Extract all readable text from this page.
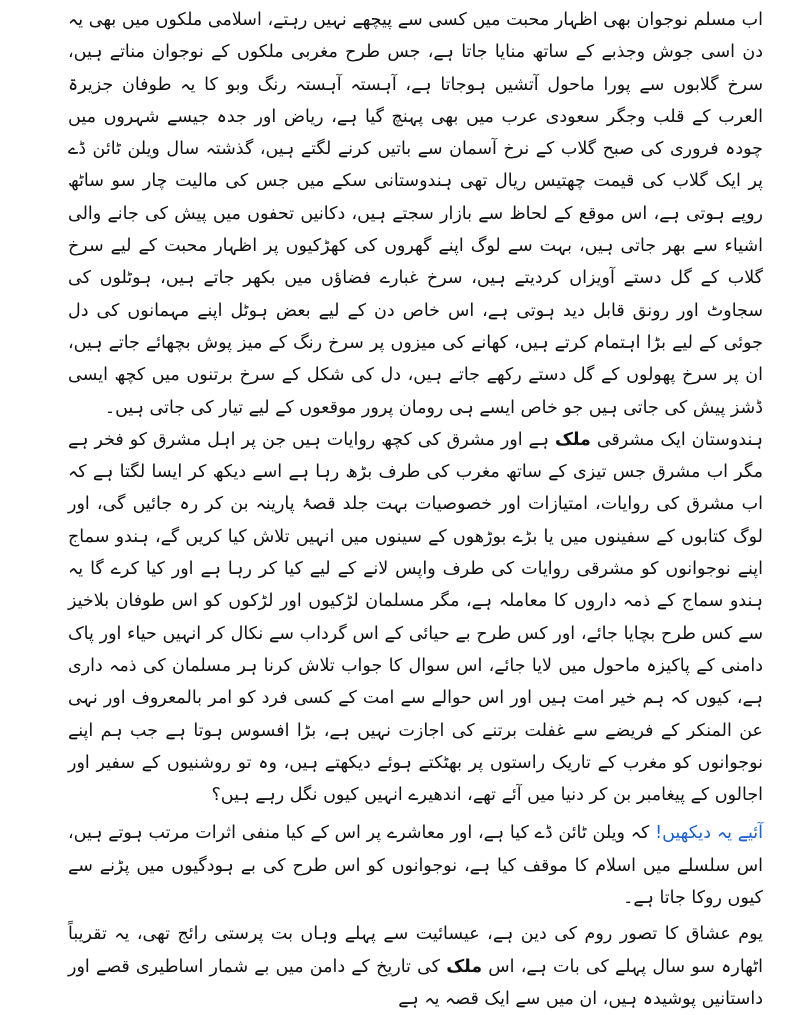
اب مسلم نوجوان بھی اظہار محبت میں کسی سے پیچھے نہیں رہتے، اسلامی ملکوں میں بھی یہ دن اسی جوش وجذبے کے ساتھ منایا جاتا ہے، جس طرح مغربی ملکوں کے نوجوان مناتے ہیں، سرخ گلابوں سے پورا ماحول آتشیں ہوجاتا ہے، آہستہ آہستہ رنگ وبو کا یہ طوفان جزیرۃ العرب کے قلب وجگر سعودی عرب میں بھی پہنچ گیا ہے، ریاض اور جدہ جیسے شہروں میں چودہ فروری کی صبح گلاب کے نرخ آسمان سے باتیں کرنے لگتے ہیں، گذشتہ سال ویلن ٹائن ڈے پر ایک گلاب کی قیمت چھتیس ریال تھی ہندوستانی سکے میں جس کی مالیت چار سو ساٹھ روپے ہوتی ہے، اس موقع کے لحاظ سے بازار سجتے ہیں، دکانیں تحفوں میں پیش کی جانے والی اشیاء سے بھر جاتی ہیں، بہت سے لوگ اپنے گھروں کی کھڑکیوں پر اظہار محبت کے لیے سرخ گلاب کے گل دستے آویزاں کردیتے ہیں، سرخ غبارے فضاؤں میں بکھر جاتے ہیں، ہوٹلوں کی سجاوٹ اور رونق قابل دید ہوتی ہے، اس خاص دن کے لیے بعض ہوٹل اپنے مہمانوں کی دل جوئی کے لیے بڑا اہتمام کرتے ہیں، کھانے کی میزوں پر سرخ رنگ کے میز پوش بچھائے جاتے ہیں، ان پر سرخ پھولوں کے گل دستے رکھے جاتے ہیں، دل کی شکل کے سرخ برتنوں میں کچھ ایسی ڈشز پیش کی جاتی ہیں جو خاص ایسے ہی رومان پرور موقعوں کے لیے تیار کی جاتی ہیں۔

ہندوستان ایک مشرقی ملک ہے اور مشرق کی کچھ روایات ہیں جن پر اہل مشرق کو فخر ہے مگر اب مشرق جس تیزی کے ساتھ مغرب کی طرف بڑھ رہا ہے اسے دیکھ کر ایسا لگتا ہے کہ اب مشرق کی روایات، امتیازات اور خصوصیات بہت جلد قصۂ پارینہ بن کر رہ جائیں گی، اور لوگ کتابوں کے سفینوں میں یا بڑے بوڑھوں کے سینوں میں انہیں تلاش کیا کریں گے، ہندو سماج اپنے نوجوانوں کو مشرقی روایات کی طرف واپس لانے کے لیے کیا کر رہا ہے اور کیا کرے گا یہ ہندو سماج کے ذمہ داروں کا معاملہ ہے، مگر مسلمان لڑکیوں اور لڑکوں کو اس طوفان بلاخیز سے کس طرح بچایا جائے، اور کس طرح بے حیائی کے اس گرداب سے نکال کر انہیں حیاء اور پاک دامنی کے پاکیزہ ماحول میں لایا جائے، اس سوال کا جواب تلاش کرنا ہر مسلمان کی ذمہ داری ہے، کیوں کہ ہم خیر امت ہیں اور اس حوالے سے امت کے کسی فرد کو امر بالمعروف اور نہی عن المنکر کے فریضے سے غفلت برتنے کی اجازت نہیں ہے، بڑا افسوس ہوتا ہے جب ہم اپنے نوجوانوں کو مغرب کے تاریک راستوں پر بھٹکتے ہوئے دیکھتے ہیں، وہ تو روشنیوں کے سفیر اور اجالوں کے پیغامبر بن کر دنیا میں آئے تھے، اندھیرے انہیں کیوں نگل رہے ہیں؟

آئیے یہ دیکھیں! کہ ویلن ٹائن ڈے کیا ہے، اور معاشرے پر اس کے کیا منفی اثرات مرتب ہوتے ہیں، اس سلسلے میں اسلام کا موقف کیا ہے، نوجوانوں کو اس طرح کی بے ہودگیوں میں پڑنے سے کیوں روکا جاتا ہے۔

یوم عشاق کا تصور روم کی دین ہے، عیسائیت سے پہلے وہاں بت پرستی رائج تھی، یہ تقریباً اٹھارہ سو سال پہلے کی بات ہے، اس ملک کی تاریخ کے دامن میں بے شمار اساطیری قصے اور داستانیں پوشیدہ ہیں، ان میں سے ایک قصہ یہ ہے
